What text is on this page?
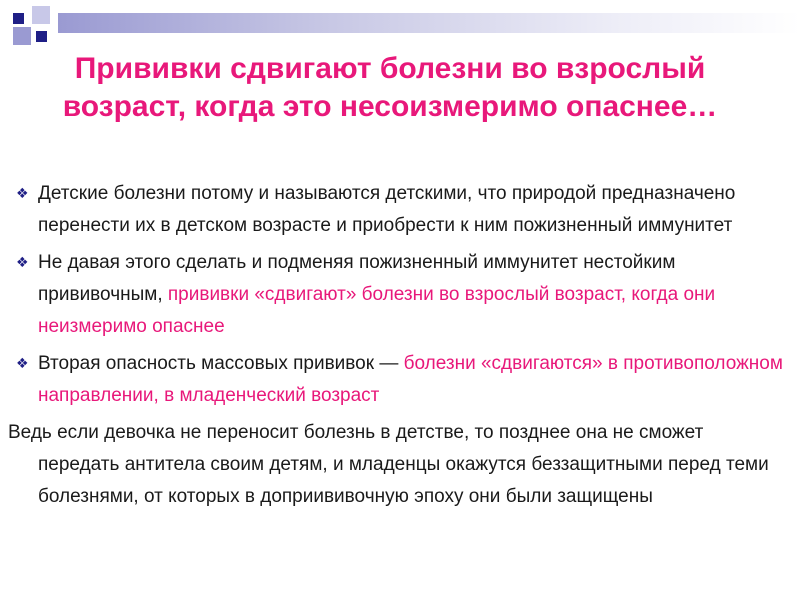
Прививки сдвигают болезни во взрослый возраст, когда это несоизмеримо опаснее…
❖ Детские болезни потому и называются детскими, что природой предназначено перенести их в детском возрасте и приобрести к ним пожизненный иммунитет
❖ Не давая этого сделать и подменяя пожизненный иммунитет нестойким прививочным, прививки «сдвигают» болезни во взрослый возраст, когда они неизмеримо опаснее
❖ Вторая опасность массовых прививок — болезни «сдвигаются» в противоположном направлении, в младенческий возраст

Ведь если девочка не переносит болезнь в детстве, то позднее она не сможет передать антитела своим детям, и младенцы окажутся беззащитными перед теми болезнями, от которых в доприививочную эпоху они были защищены
